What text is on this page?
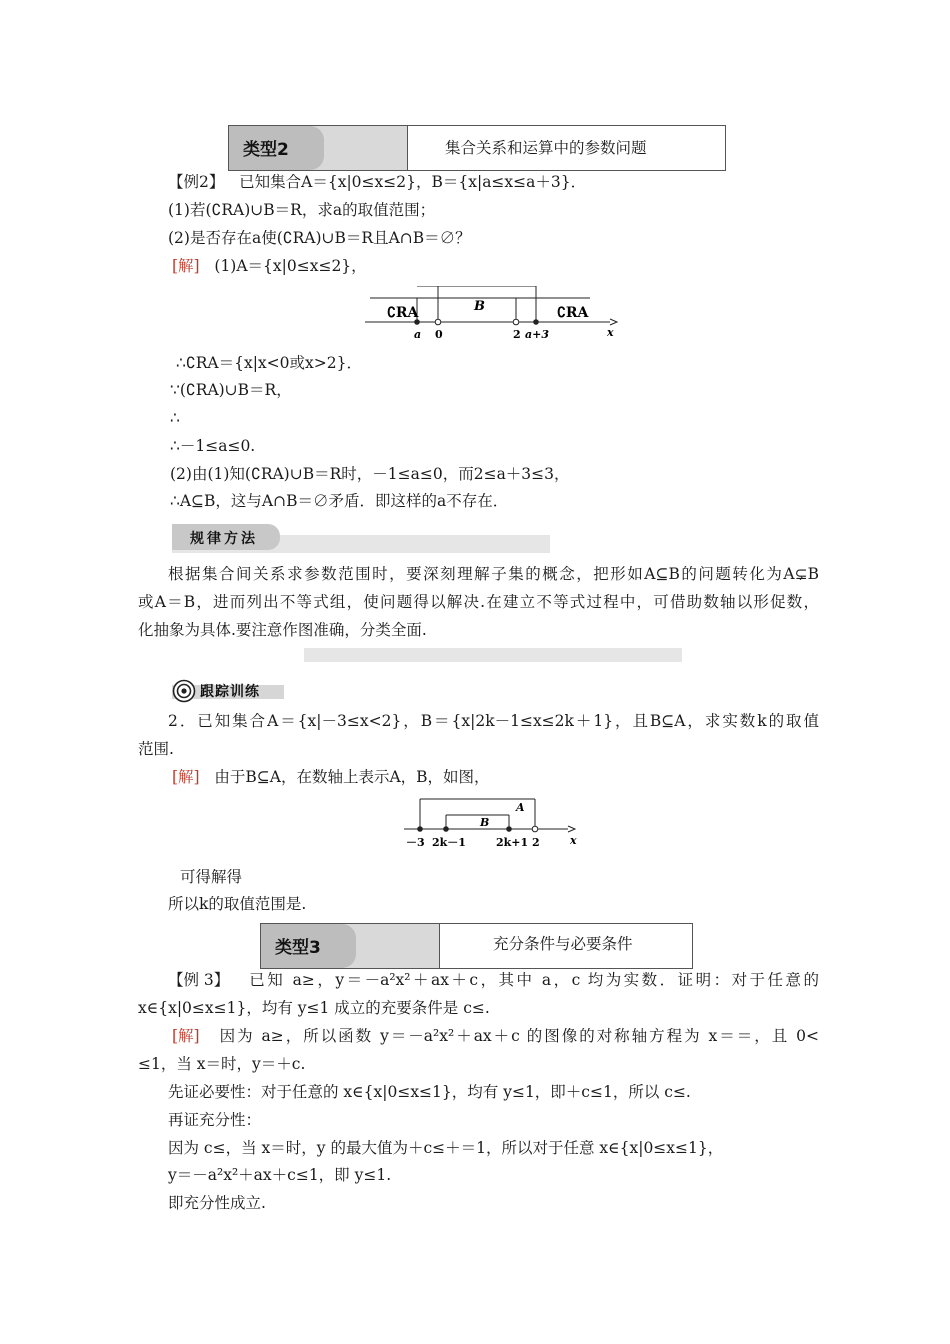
类型2	集合关系和运算中的参数问题
【例2】 已知集合A＝{x|0≤x≤2}，B＝{x|a≤x≤a＋3}．
(1)若(∁RA)∪B＝R，求a的取值范围；
(2)是否存在a使(∁RA)∪B＝R且A∩B＝∅？
[解] (1)A＝{x|0≤x≤2}，
∁RA	B	∁RA
a 0	2 a+3	x
∴∁RA＝{x|x<0或x>2}．
∵(∁RA)∪B＝R，
∴
∴－1≤a≤0.
(2)由(1)知(∁RA)∪B＝R时，－1≤a≤0，而2≤a＋3≤3，
∴A⊆B，这与A∩B＝∅矛盾．即这样的a不存在．
规律方法
根据集合间关系求参数范围时，要深刻理解子集的概念，把形如A⊆B的问题转化为A⊊B
或A＝B，进而列出不等式组，使问题得以解决.在建立不等式过程中，可借助数轴以形促数，
化抽象为具体.要注意作图准确，分类全面.
跟踪训练
2．已知集合A＝{x|－3≤x<2}，B＝{x|2k－1≤x≤2k＋1}，且B⊆A，求实数k的取值
范围.
[解] 由于B⊆A，在数轴上表示A，B，如图，
A
B
－3 2k－1	2k+1 2	x
可得解得
所以k的取值范围是.
类型3	充分条件与必要条件
【例 3】 已知 a≥，y＝－a²x²＋ax＋c，其中 a，c 均为实数．证明：对于任意的
x∈{x|0≤x≤1}，均有 y≤1 成立的充要条件是 c≤.
[解] 因为 a≥，所以函数 y＝－a²x²＋ax＋c 的图像的对称轴方程为 x＝＝，且 0<
≤1，当 x＝时，y＝＋c.
先证必要性：对于任意的 x∈{x|0≤x≤1}，均有 y≤1，即＋c≤1，所以 c≤.
再证充分性：
因为 c≤，当 x＝时，y 的最大值为＋c≤＋＝1，所以对于任意 x∈{x|0≤x≤1}，
y＝－a²x²＋ax＋c≤1，即 y≤1.
即充分性成立.
